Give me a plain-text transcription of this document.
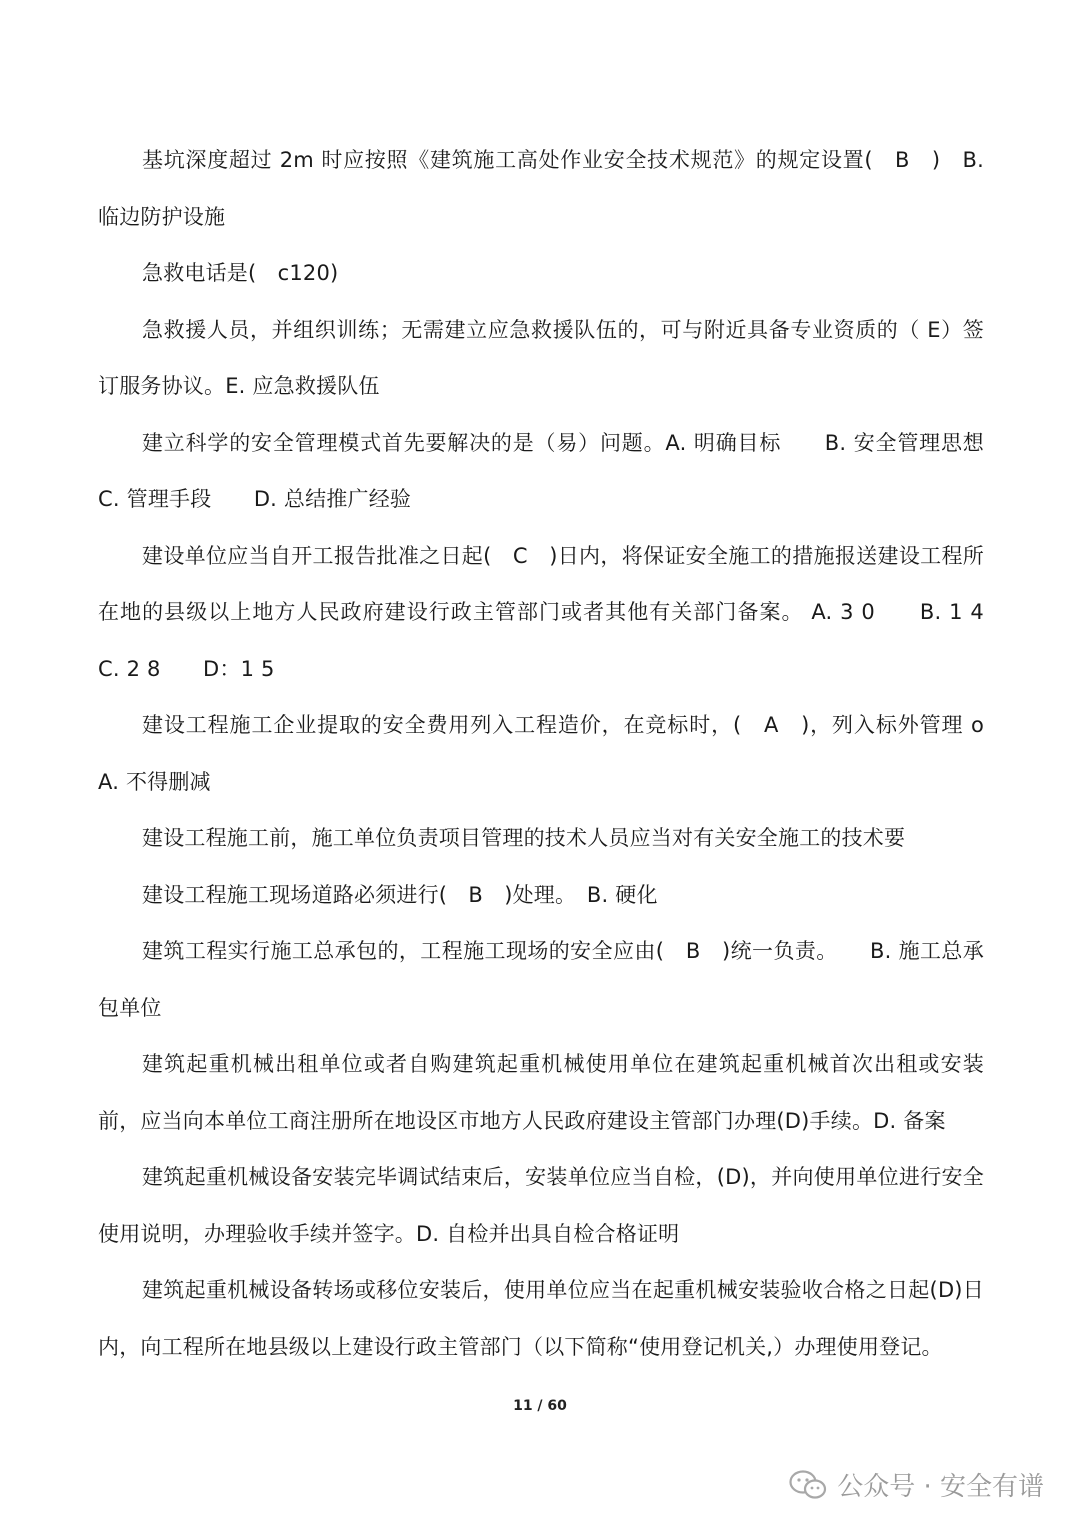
基坑深度超过 2m 时应按照《建筑施工高处作业安全技术规范》的规定设置(　B　)　B. 临边防护设施

急救电话是(　c120)

急救援人员，并组织训练；无需建立应急救援队伍的，可与附近具备专业资质的（ E）签订服务协议。E. 应急救援队伍

建立科学的安全管理模式首先要解决的是（易）问题。A. 明确目标　　B. 安全管理思想　C. 管理手段　　D. 总结推广经验

建设单位应当自开工报告批准之日起(　C　)日内，将保证安全施工的措施报送建设工程所在地的县级以上地方人民政府建设行政主管部门或者其他有关部门备案。 A. 3 0　　B. 1 4　　C. 2 8　　D：1 5

建设工程施工企业提取的安全费用列入工程造价，在竞标时，(　A　)，列入标外管理 o A. 不得删减

建设工程施工前，施工单位负责项目管理的技术人员应当对有关安全施工的技术要

建设工程施工现场道路必须进行(　B　)处理。　B. 硬化

建筑工程实行施工总承包的，工程施工现场的安全应由(　B　)统一负责。　　B. 施工总承包单位

建筑起重机械出租单位或者自购建筑起重机械使用单位在建筑起重机械首次出租或安装前，应当向本单位工商注册所在地设区市地方人民政府建设主管部门办理(D)手续。D. 备案

建筑起重机械设备安装完毕调试结束后，安装单位应当自检，(D)，并向使用单位进行安全使用说明，办理验收手续并签字。D. 自检并出具自检合格证明

建筑起重机械设备转场或移位安装后，使用单位应当在起重机械安装验收合格之日起(D)日内，向工程所在地县级以上建设行政主管部门（以下简称“使用登记机关,）办理使用登记。

11 / 60
公众号 · 安全有谱
